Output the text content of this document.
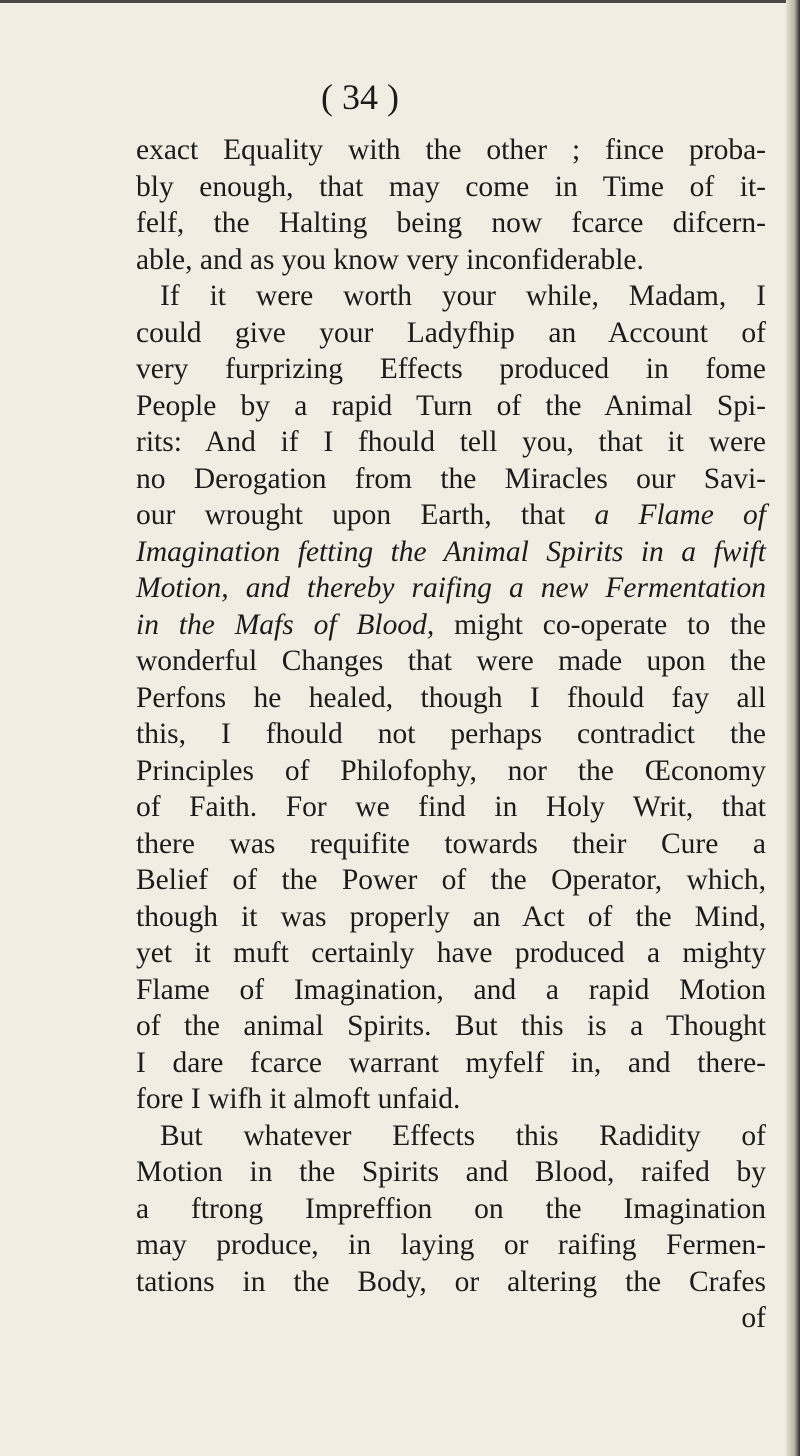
( 34 )
exact Equality with the other ; fince proba-
bly enough, that may come in Time of it-
felf, the Halting being now fcarce difcern-
able, and as you know very inconfiderable.
If it were worth your while, Madam, I
could give your Ladyfhip an Account of
very furprizing Effects produced in fome
People by a rapid Turn of the Animal Spi-
rits: And if I fhould tell you, that it were
no Derogation from the Miracles our Savi-
our wrought upon Earth, that a Flame of
Imagination fetting the Animal Spirits in a fwift
Motion, and thereby raifing a new Fermentation
in the Mafs of Blood, might co-operate to the
wonderful Changes that were made upon the
Perfons he healed, though I fhould fay all
this, I fhould not perhaps contradict the
Principles of Philofophy, nor the Œconomy
of Faith. For we find in Holy Writ, that
there was requifite towards their Cure a
Belief of the Power of the Operator, which,
though it was properly an Act of the Mind,
yet it muft certainly have produced a mighty
Flame of Imagination, and a rapid Motion
of the animal Spirits. But this is a Thought
I dare fcarce warrant myfelf in, and there-
fore I wifh it almoft unfaid.
But whatever Effects this Radidity of
Motion in the Spirits and Blood, raifed by
a ftrong Impreffion on the Imagination
may produce, in laying or raifing Fermen-
tations in the Body, or altering the Crafes
of
